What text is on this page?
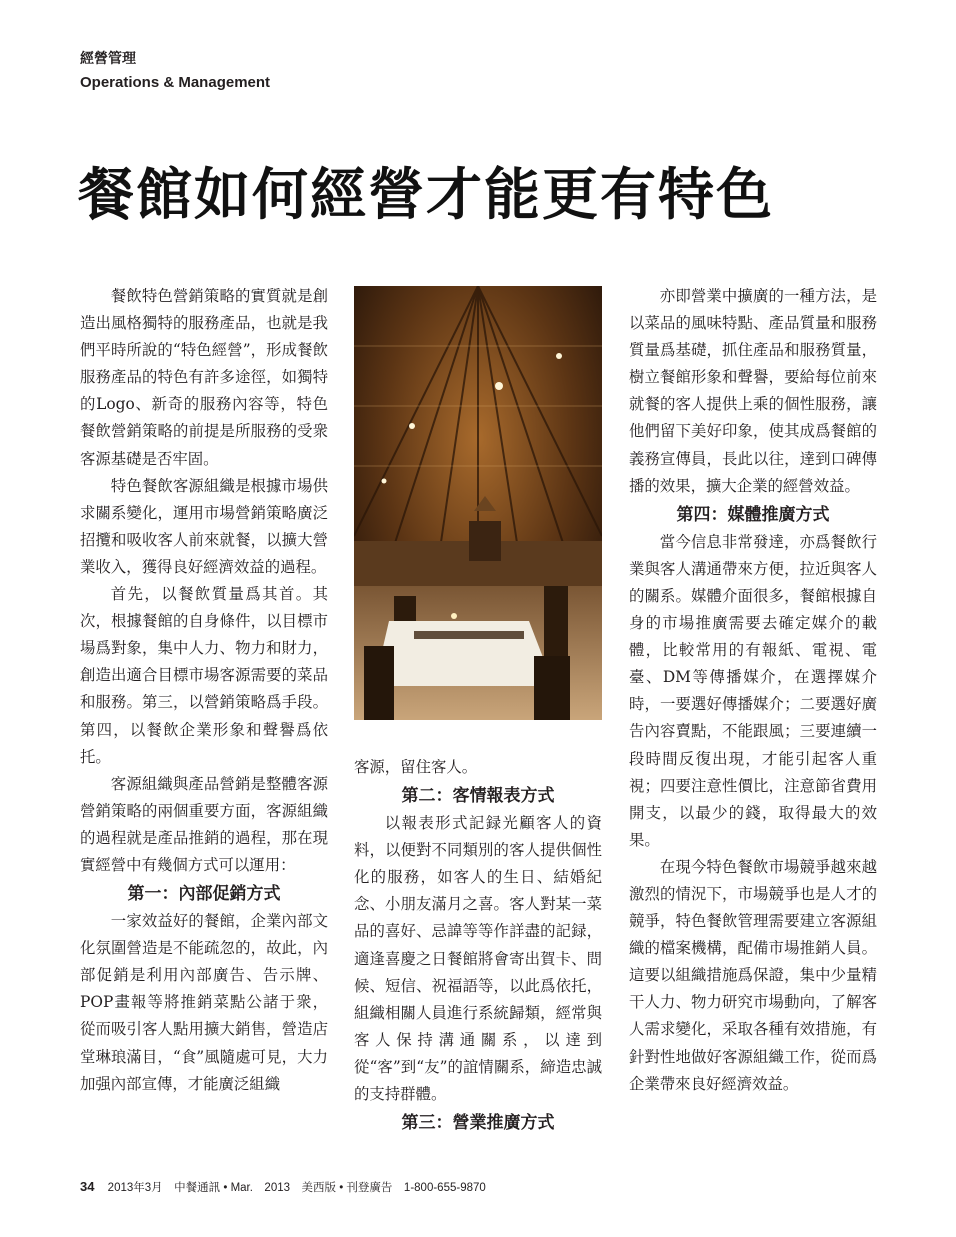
經營管理
Operations & Management
餐館如何經營才能更有特色

餐飲特色營銷策略的實質就是創造出風格獨特的服務產品，也就是我們平時所說的“特色經營”，形成餐飲服務產品的特色有許多途徑，如獨特的Logo、新奇的服務內容等，特色餐飲營銷策略的前提是所服務的受衆客源基礎是否牢固。

特色餐飲客源組織是根據市場供求關系變化，運用市場營銷策略廣泛招攬和吸收客人前來就餐，以擴大營業收入，獲得良好經濟效益的過程。

首先，以餐飲質量爲其首。其次，根據餐館的自身條件，以目標市場爲對象，集中人力、物力和財力，創造出適合目標市場客源需要的菜品和服務。第三，以營銷策略爲手段。第四，以餐飲企業形象和聲譽爲依托。

客源組織與產品營銷是整體客源營銷策略的兩個重要方面，客源組織的過程就是產品推銷的過程，那在現實經營中有幾個方式可以運用：

第一：內部促銷方式

一家效益好的餐館，企業內部文化氛圍營造是不能疏忽的，故此，內部促銷是利用內部廣告、告示牌、POP畫報等將推銷菜點公諸于衆，從而吸引客人點用擴大銷售，營造店堂琳琅滿目，“食”風隨處可見，大力加强內部宣傳，才能廣泛組織

客源，留住客人。

第二：客情報表方式

以報表形式記録光顧客人的資料，以便對不同類別的客人提供個性化的服務，如客人的生日、結婚紀念、小朋友滿月之喜。客人對某一菜品的喜好、忌諱等等作詳盡的記録，適逢喜慶之日餐館將會寄出賀卡、問候、短信、祝福語等，以此爲依托，組織相關人員進行系統歸類，經常與客人保持溝通關系，以達到從“客”到“友”的誼情關系，締造忠誠的支持群體。

第三：營業推廣方式

亦即營業中擴廣的一種方法，是以菜品的風味特點、產品質量和服務質量爲基礎，抓住產品和服務質量，樹立餐館形象和聲譽，要給每位前來就餐的客人提供上乘的個性服務，讓他們留下美好印象，使其成爲餐館的義務宣傳員，長此以往，達到口碑傳播的效果，擴大企業的經營效益。

第四：媒體推廣方式

當今信息非常發達，亦爲餐飲行業與客人溝通帶來方便，拉近與客人的關系。媒體介面很多，餐館根據自身的市場推廣需要去確定媒介的載體，比較常用的有報紙、電視、電臺、DM等傳播媒介，在選擇媒介時，一要選好傳播媒介；二要選好廣告內容賣點，不能跟風；三要連續一段時間反復出現，才能引起客人重視；四要注意性價比，注意節省費用開支，以最少的錢，取得最大的效果。

在現今特色餐飲市場競爭越來越激烈的情況下，市場競爭也是人才的競爭，特色餐飲管理需要建立客源組織的檔案機構，配備市場推銷人員。這要以組織措施爲保證，集中少量精干人力、物力研究市場動向，了解客人需求變化，采取各種有效措施，有針對性地做好客源組織工作，從而爲企業帶來良好經濟效益。

34 2013年3月　中餐通訊 • Mar.　2013　美西版 • 刊登廣告　1-800-655-9870
